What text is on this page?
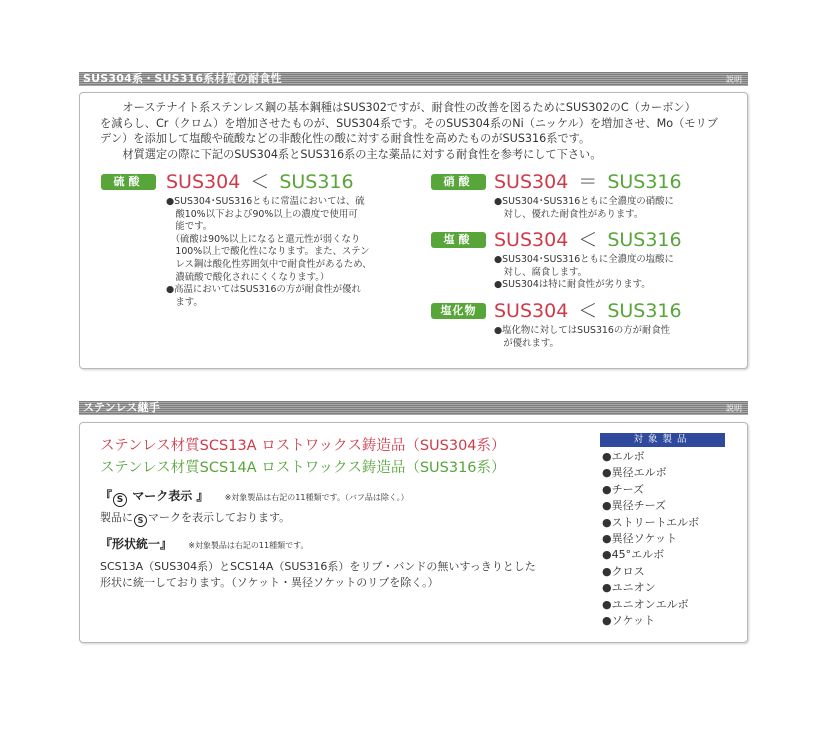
SUS304系・SUS316系材質の耐食性	説明
　　オーステナイト系ステンレス鋼の基本鋼種はSUS302ですが、耐食性の改善を図るためにSUS302のC（カーボン）
を減らし、Cr（クロム）を増加させたものが、SUS304系です。そのSUS304系のNi（ニッケル）を増加させ、Mo（モリブ
デン）を添加して塩酸や硫酸などの非酸化性の酸に対する耐食性を高めたものがSUS316系です。
　　材質選定の際に下記のSUS304系とSUS316系の主な薬品に対する耐食性を参考にして下さい。
硫酸	SUS304 ＜ SUS316
●SUS304･SUS316ともに常温においては、硫
　酸10%以下および90%以上の濃度で使用可
　能です。
　（硫酸は90%以上になると還元性が弱くなり
　100%以上で酸化性になります。また、ステン
　レス鋼は酸化性雰囲気中で耐食性があるため、
　濃硫酸で酸化されにくくなります。）
●高温においてはSUS316の方が耐食性が優れ
　ます。
硝酸	SUS304 ＝ SUS316
●SUS304･SUS316ともに全濃度の硝酸に
　対し、優れた耐食性があります。
塩酸	SUS304 ＜ SUS316
●SUS304･SUS316ともに全濃度の塩酸に
　対し、腐食します。
●SUS304は特に耐食性が劣ります。
塩化物 SUS304 ＜ SUS316
●塩化物に対してはSUS316の方が耐食性
　が優れます。
ステンレス継手	説明
ステンレス材質SCS13A ロストワックス鋳造品（SUS304系）
ステンレス材質SCS14A ロストワックス鋳造品（SUS316系）
『 S マーク表示 』 ※対象製品は右記の11種類です。（バフ品は除く。）
製品に S マークを表示しております。
『形状統一』 ※対象製品は右記の11種類です。
SCS13A（SUS304系）とSCS14A（SUS316系）をリブ・バンドの無いすっきりとした
形状に統一しております。（ソケット・異径ソケットのリブを除く。）
対象製品
●エルボ
●異径エルボ
●チーズ
●異径チーズ
●ストリートエルボ
●異径ソケット
●45°エルボ
●クロス
●ユニオン
●ユニオンエルボ
●ソケット
